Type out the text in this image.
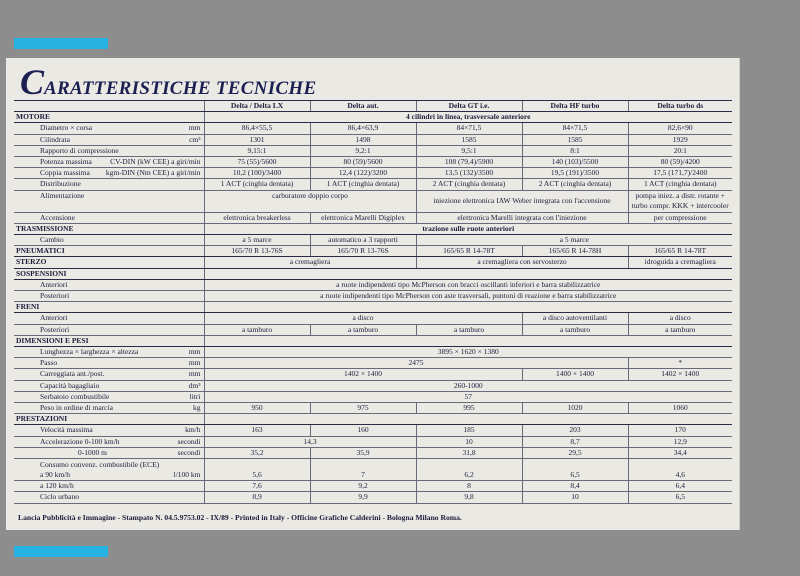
CARATTERISTICHE TECNICHE
	Delta / Delta LX	Delta aut.	Delta GT i.e.	Delta HF turbo	Delta turbo ds
MOTORE	4 cilindri in linea, trasversale anteriore				
Diametro × corsa mm	86,4×55,5	86,4×63,9	84×71,5	84×71,5	82,6×90
Cilindrata cm³	1301	1498	1585	1585	1929
Rapporto di compressione	9,15:1	9,2:1	9,5:1	8:1	20:1
Potenza massima CV-DIN (kW CEE) a giri/min	75 (55)/5600	80 (59)/5600	108 (79,4)/5900	140 (103)/5500	80 (59)/4200
Coppia massima kgm-DIN (Nm CEE) a giri/min	10,2 (100)/3400	12,4 (122)/3200	13,5 (132)/3500	19,5 (191)/3500	17,5 (171,7)/2400
Distribuzione	1 ACT (cinghia dentata)	1 ACT (cinghia dentata)	2 ACT (cinghia dentata)	2 ACT (cinghia dentata)	1 ACT (cinghia dentata)
Alimentazione	carburatore doppio corpo		iniezione elettronica IAW Weber integrata con l'accensione		pompa iniez. a distr. rotante + turbo compr. KKK + intercooler
Accensione	elettronica breakerless	elettronica Marelli Digiplex	elettronica Marelli integrata con l'iniezione		per compressione
TRASMISSIONE	trazione sulle ruote anteriori				
Cambio	a 5 marce	automatico a 3 rapporti	a 5 marce		
PNEUMATICI	165/70 R 13-76S	165/70 R 13-76S	165/65 R 14-78T	165/65 R 14-78H	165/65 R 14-78T
STERZO	a cremagliera		a cremagliera con servosterzo		idroguida a cremagliera
SOSPENSIONI					
Anteriori	a ruote indipendenti tipo McPherson con bracci oscillanti inferiori e barra stabilizzatrice				
Posteriori	a ruote indipendenti tipo McPherson con aste trasversali, puntoni di reazione e barra stabilizzatrice				
FRENI					
Anteriori	a disco			a disco autoventilanti	a disco
Posteriori	a tamburo	a tamburo	a tamburo	a tamburo	a tamburo
DIMENSIONI E PESI					
Lunghezza × larghezza × altezza mm	3895 × 1620 × 1380				
Passo mm	2475				*
Carreggiata ant./post. mm	1402 × 1400			1400 × 1400	1402 × 1400
Capacità bagagliaio dm³	260-1000				
Serbatoio combustibile litri	57				
Peso in ordine di marcia kg	950	975	995	1020	1060
PRESTAZIONI					
Velocità massima km/h	163	160	185	203	170
Accelerazione 0-100 km/h secondi	14,3		10	8,7	12,9
0-1000 m secondi	35,2	35,9	31,8	29,5	34,4

Consumo convenz. combustibile (ECE)
a 90 km/h l/100 km	5,6	7	6,2	6,5	4,6
a 120 km/h	7,6	9,2	8	8,4	6,4
Ciclo urbano	8,9	9,9	9,8	10	6,5
Lancia Pubblicità e Immagine - Stampato N. 04.5.9753.02 - IX/89 - Printed in Italy - Officine Grafiche Calderini - Bologna Milano Roma.
